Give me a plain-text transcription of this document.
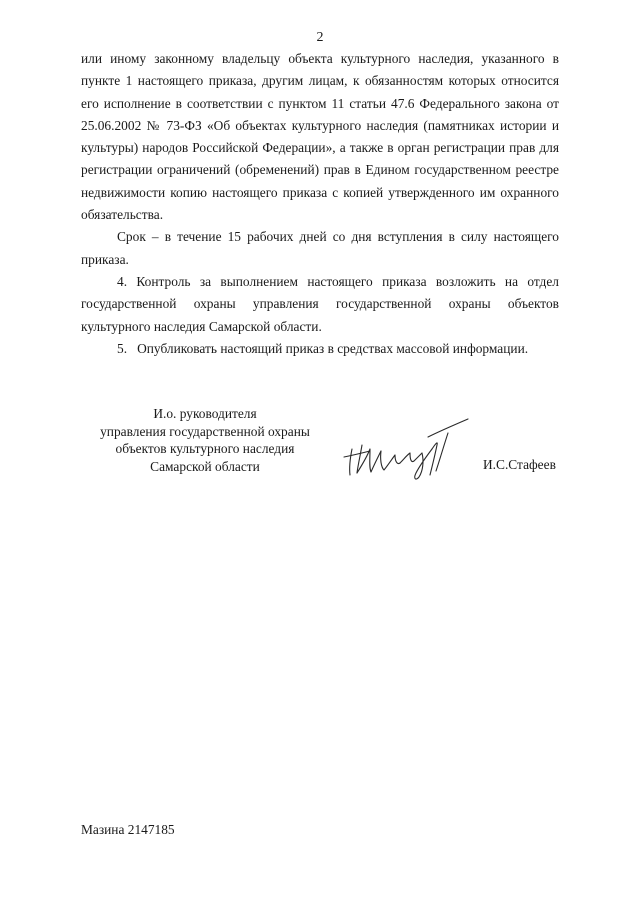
2

или иному законному владельцу объекта культурного наследия, указанного в пункте 1 настоящего приказа, другим лицам, к обязанностям которых относится его исполнение в соответствии с пунктом 11 статьи 47.6 Федерального закона от 25.06.2002 № 73-ФЗ «Об объектах культурного наследия (памятниках истории и культуры) народов Российской Федерации», а также в орган регистрации прав для регистрации ограничений (обременений) прав в Едином государственном реестре недвижимости копию настоящего приказа с копией утвержденного им охранного обязательства.

Срок – в течение 15 рабочих дней со дня вступления в силу настоящего приказа.

4. Контроль за выполнением настоящего приказа возложить на отдел государственной охраны управления государственной охраны объектов культурного наследия Самарской области.

5.   Опубликовать настоящий приказ в средствах массовой информации.

И.о. руководителя
управления государственной охраны
объектов культурного наследия
Самарской области	И.С.Стафеев
Мазина 2147185
